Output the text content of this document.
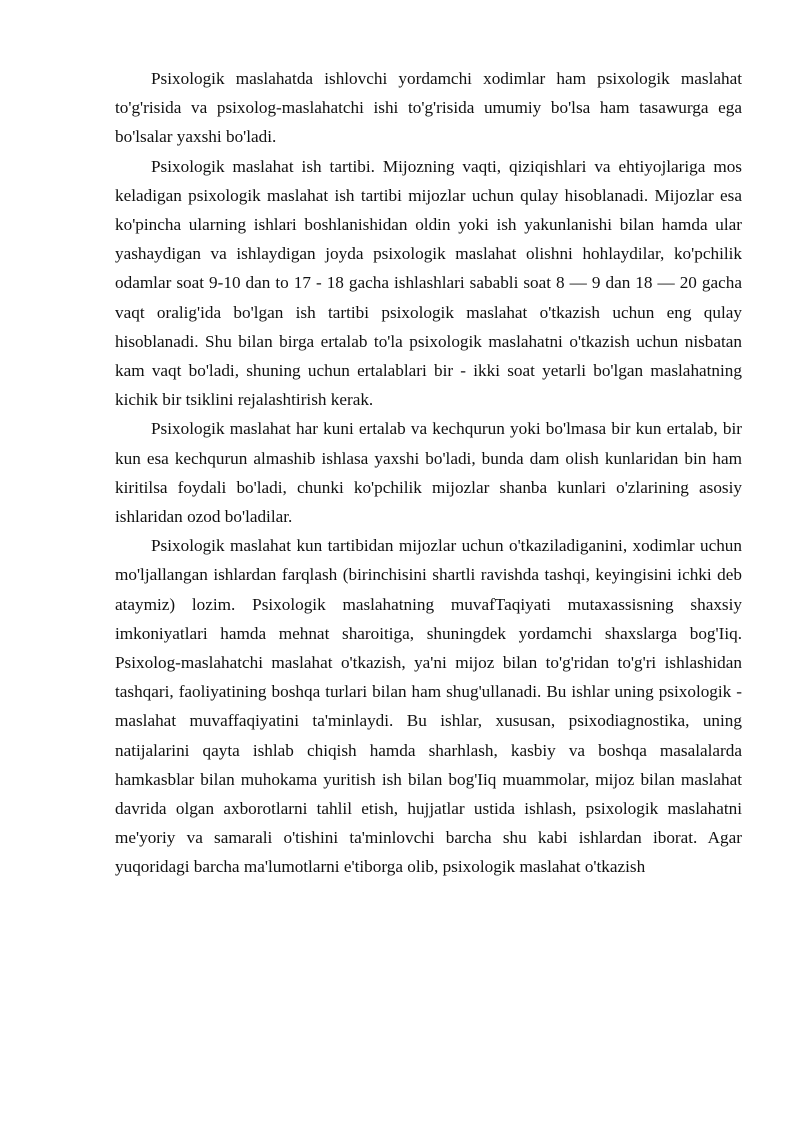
Psixologik maslahatda ishlovchi yordamchi xodimlar ham psixologik maslahat to'g'risida va psixolog-maslahatchi ishi to'g'risida umumiy bo'lsa ham tasawurga ega bo'lsalar yaxshi bo'ladi.

Psixologik maslahat ish tartibi. Mijozning vaqti, qiziqishlari va ehtiyojlariga mos keladigan psixologik maslahat ish tartibi mijozlar uchun qulay hisoblanadi. Mijozlar esa ko'pincha ularning ishlari boshlanishidan oldin yoki ish yakunlanishi bilan hamda ular yashaydigan va ishlaydigan joyda psixologik maslahat olishni hohlaydilar, ko'pchilik odamlar soat 9-10 dan to 17 - 18 gacha ishlashlari sababli soat 8 — 9 dan 18 — 20 gacha vaqt oralig'ida bo'lgan ish tartibi psixologik maslahat o'tkazish uchun eng qulay hisoblanadi. Shu bilan birga ertalab to'la psixologik maslahatni o'tkazish uchun nisbatan kam vaqt bo'ladi, shuning uchun ertalablari bir - ikki soat yetarli bo'lgan maslahatning kichik bir tsiklini rejalashtirish kerak.

Psixologik maslahat har kuni ertalab va kechqurun yoki bo'lmasa bir kun ertalab, bir kun esa kechqurun almashib ishlasa yaxshi bo'ladi, bunda dam olish kunlaridan bin ham kiritilsa foydali bo'ladi, chunki ko'pchilik mijozlar shanba kunlari o'zlarining asosiy ishlaridan ozod bo'ladilar.

Psixologik maslahat kun tartibidan mijozlar uchun o'tkaziladiganini, xodimlar uchun mo'ljallangan ishlardan farqlash (birinchisini shartli ravishda tashqi, keyingisini ichki deb ataymiz) lozim. Psixologik maslahatning muvafTaqiyati mutaxassisning shaxsiy imkoniyatlari hamda mehnat sharoitiga, shuningdek yordamchi shaxslarga bog'Iiq. Psixolog-maslahatchi maslahat o'tkazish, ya'ni mijoz bilan to'g'ridan to'g'ri ishlashidan tashqari, faoliyatining boshqa turlari bilan ham shug'ullanadi. Bu ishlar uning psixologik - maslahat muvaffaqiyatini ta'minlaydi. Bu ishlar, xususan, psixodiagnostika, uning natijalarini qayta ishlab chiqish hamda sharhlash, kasbiy va boshqa masalalarda hamkasblar bilan muhokama yuritish ish bilan bog'Iiq muammolar, mijoz bilan maslahat davrida olgan axborotlarni tahlil etish, hujjatlar ustida ishlash, psixologik maslahatni me'yoriy va samarali o'tishini ta'minlovchi barcha shu kabi ishlardan iborat. Agar yuqoridagi barcha ma'lumotlarni e'tiborga olib, psixologik maslahat o'tkazish
